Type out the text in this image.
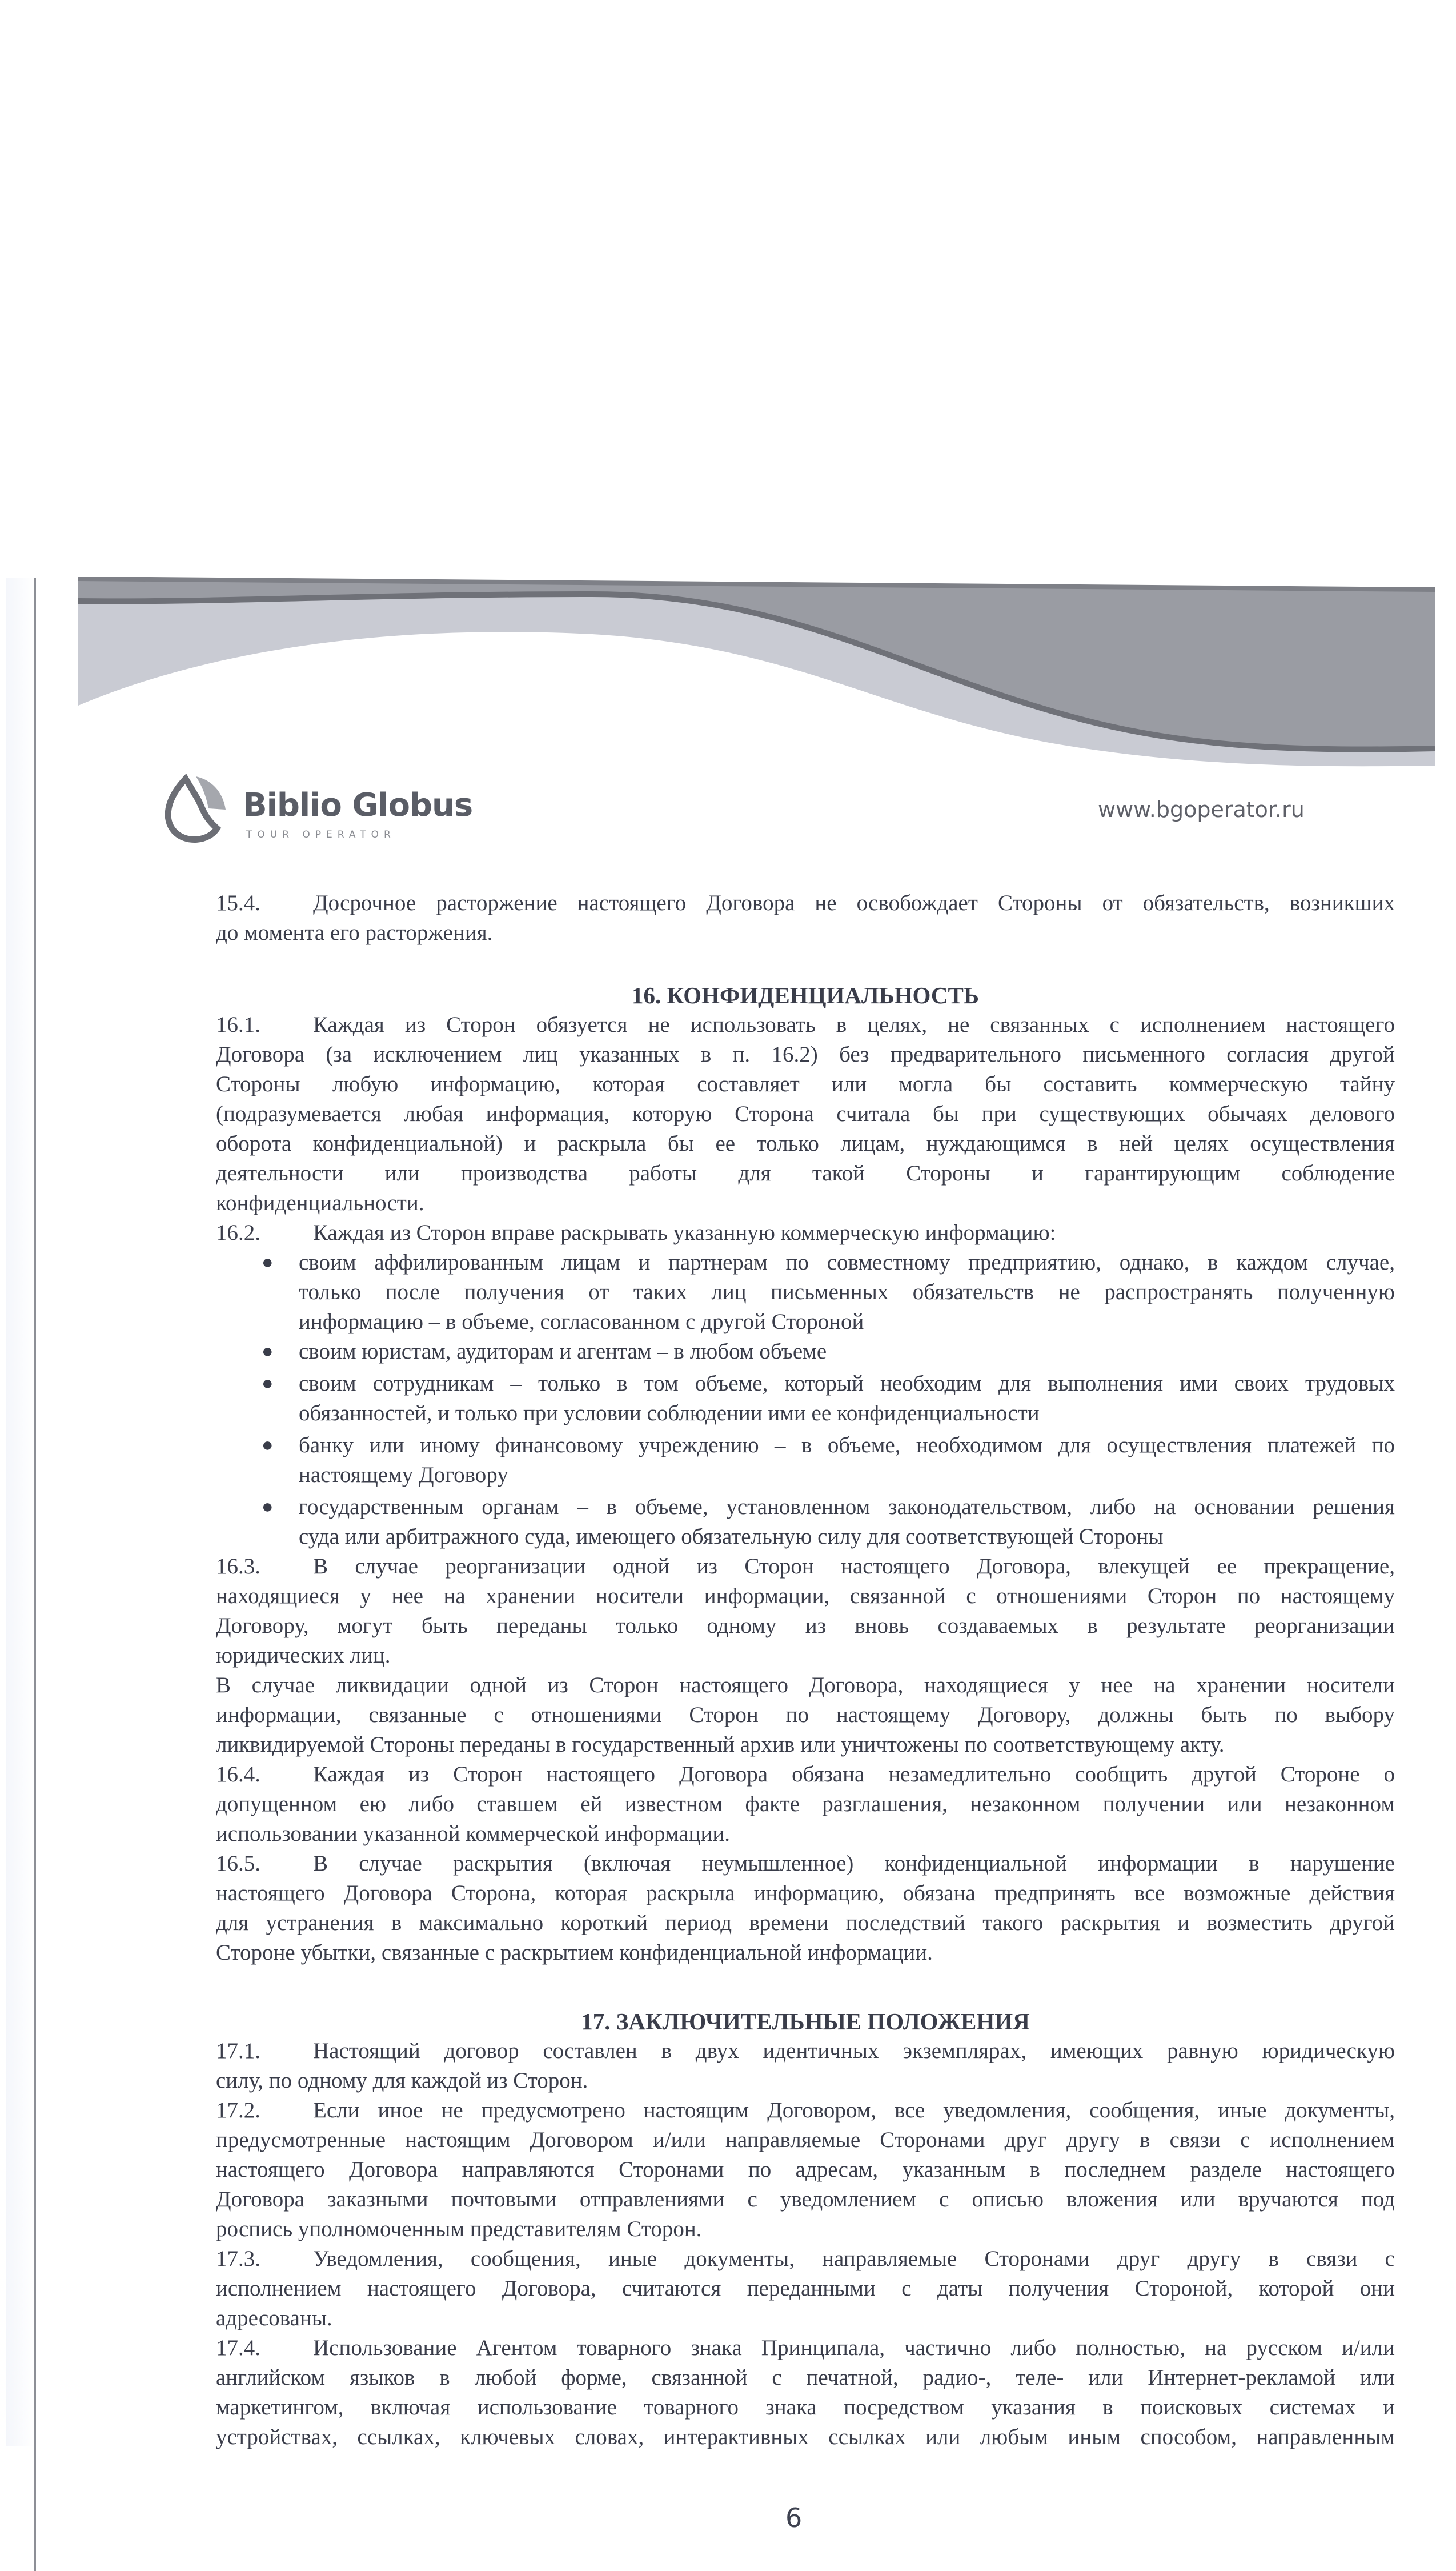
Biblio Globus
TOUR OPERATOR
www.bgoperator.ru
15.4.	Досрочное расторжение настоящего Договора не освобождает Стороны от обязательств, возникших
до момента его расторжения.
16. КОНФИДЕНЦИАЛЬНОСТЬ
16.1.	Каждая из Сторон обязуется не использовать в целях, не связанных с исполнением настоящего
Договора (за исключением лиц указанных в п. 16.2) без предварительного письменного согласия другой
Стороны любую информацию, которая составляет или могла бы составить коммерческую тайну
(подразумевается любая информация, которую Сторона считала бы при существующих обычаях делового
оборота конфиденциальной) и раскрыла бы ее только лицам, нуждающимся в ней целях осуществления
деятельности или производства работы для такой Стороны и гарантирующим соблюдение
конфиденциальности.
16.2. Каждая из Сторон вправе раскрывать указанную коммерческую информацию:
● своим аффилированным лицам и партнерам по совместному предприятию, однако, в каждом случае,
только после получения от таких лиц письменных обязательств не распространять полученную
информацию – в объеме, согласованном с другой Стороной
● своим юристам, аудиторам и агентам – в любом объеме
● своим сотрудникам – только в том объеме, который необходим для выполнения ими своих трудовых
обязанностей, и только при условии соблюдении ими ее конфиденциальности
● банку или иному финансовому учреждению – в объеме, необходимом для осуществления платежей по
настоящему Договору
● государственным органам – в объеме, установленном законодательством, либо на основании решения
суда или арбитражного суда, имеющего обязательную силу для соответствующей Стороны
16.3.	В случае реорганизации одной из Сторон настоящего Договора, влекущей ее прекращение,
находящиеся у нее на хранении носители информации, связанной с отношениями Сторон по настоящему
Договору, могут быть переданы только одному из вновь создаваемых в результате реорганизации
юридических лиц.
В случае ликвидации одной из Сторон настоящего Договора, находящиеся у нее на хранении носители
информации, связанные с отношениями Сторон по настоящему Договору, должны быть по выбору
ликвидируемой Стороны переданы в государственный архив или уничтожены по соответствующему акту.
16.4.	Каждая из Сторон настоящего Договора обязана незамедлительно сообщить другой Стороне о
допущенном ею либо ставшем ей известном факте разглашения, незаконном получении или незаконном
использовании указанной коммерческой информации.
16.5.	В случае раскрытия (включая неумышленное) конфиденциальной информации в нарушение
настоящего Договора Сторона, которая раскрыла информацию, обязана предпринять все возможные действия
для устранения в максимально короткий период времени последствий такого раскрытия и возместить другой
Стороне убытки, связанные с раскрытием конфиденциальной информации.
17. ЗАКЛЮЧИТЕЛЬНЫЕ ПОЛОЖЕНИЯ
17.1.	Настоящий договор составлен в двух идентичных экземплярах, имеющих равную юридическую
силу, по одному для каждой из Сторон.
17.2.	Если иное не предусмотрено настоящим Договором, все уведомления, сообщения, иные документы,
предусмотренные настоящим Договором и/или направляемые Сторонами друг другу в связи с исполнением
настоящего Договора направляются Сторонами по адресам, указанным в последнем разделе настоящего
Договора заказными почтовыми отправлениями с уведомлением с описью вложения или вручаются под
роспись уполномоченным представителям Сторон.
17.3.	Уведомления, сообщения, иные документы, направляемые Сторонами друг другу в связи с
исполнением настоящего Договора, считаются переданными с даты получения Стороной, которой они
адресованы.
17.4.	Использование Агентом товарного знака Принципала, частично либо полностью, на русском и/или
английском языков в любой форме, связанной с печатной, радио-, теле- или Интернет-рекламой или
маркетингом, включая использование товарного знака посредством указания в поисковых системах и
устройствах, ссылках, ключевых словах, интерактивных ссылках или любым иным способом, направленным
6
